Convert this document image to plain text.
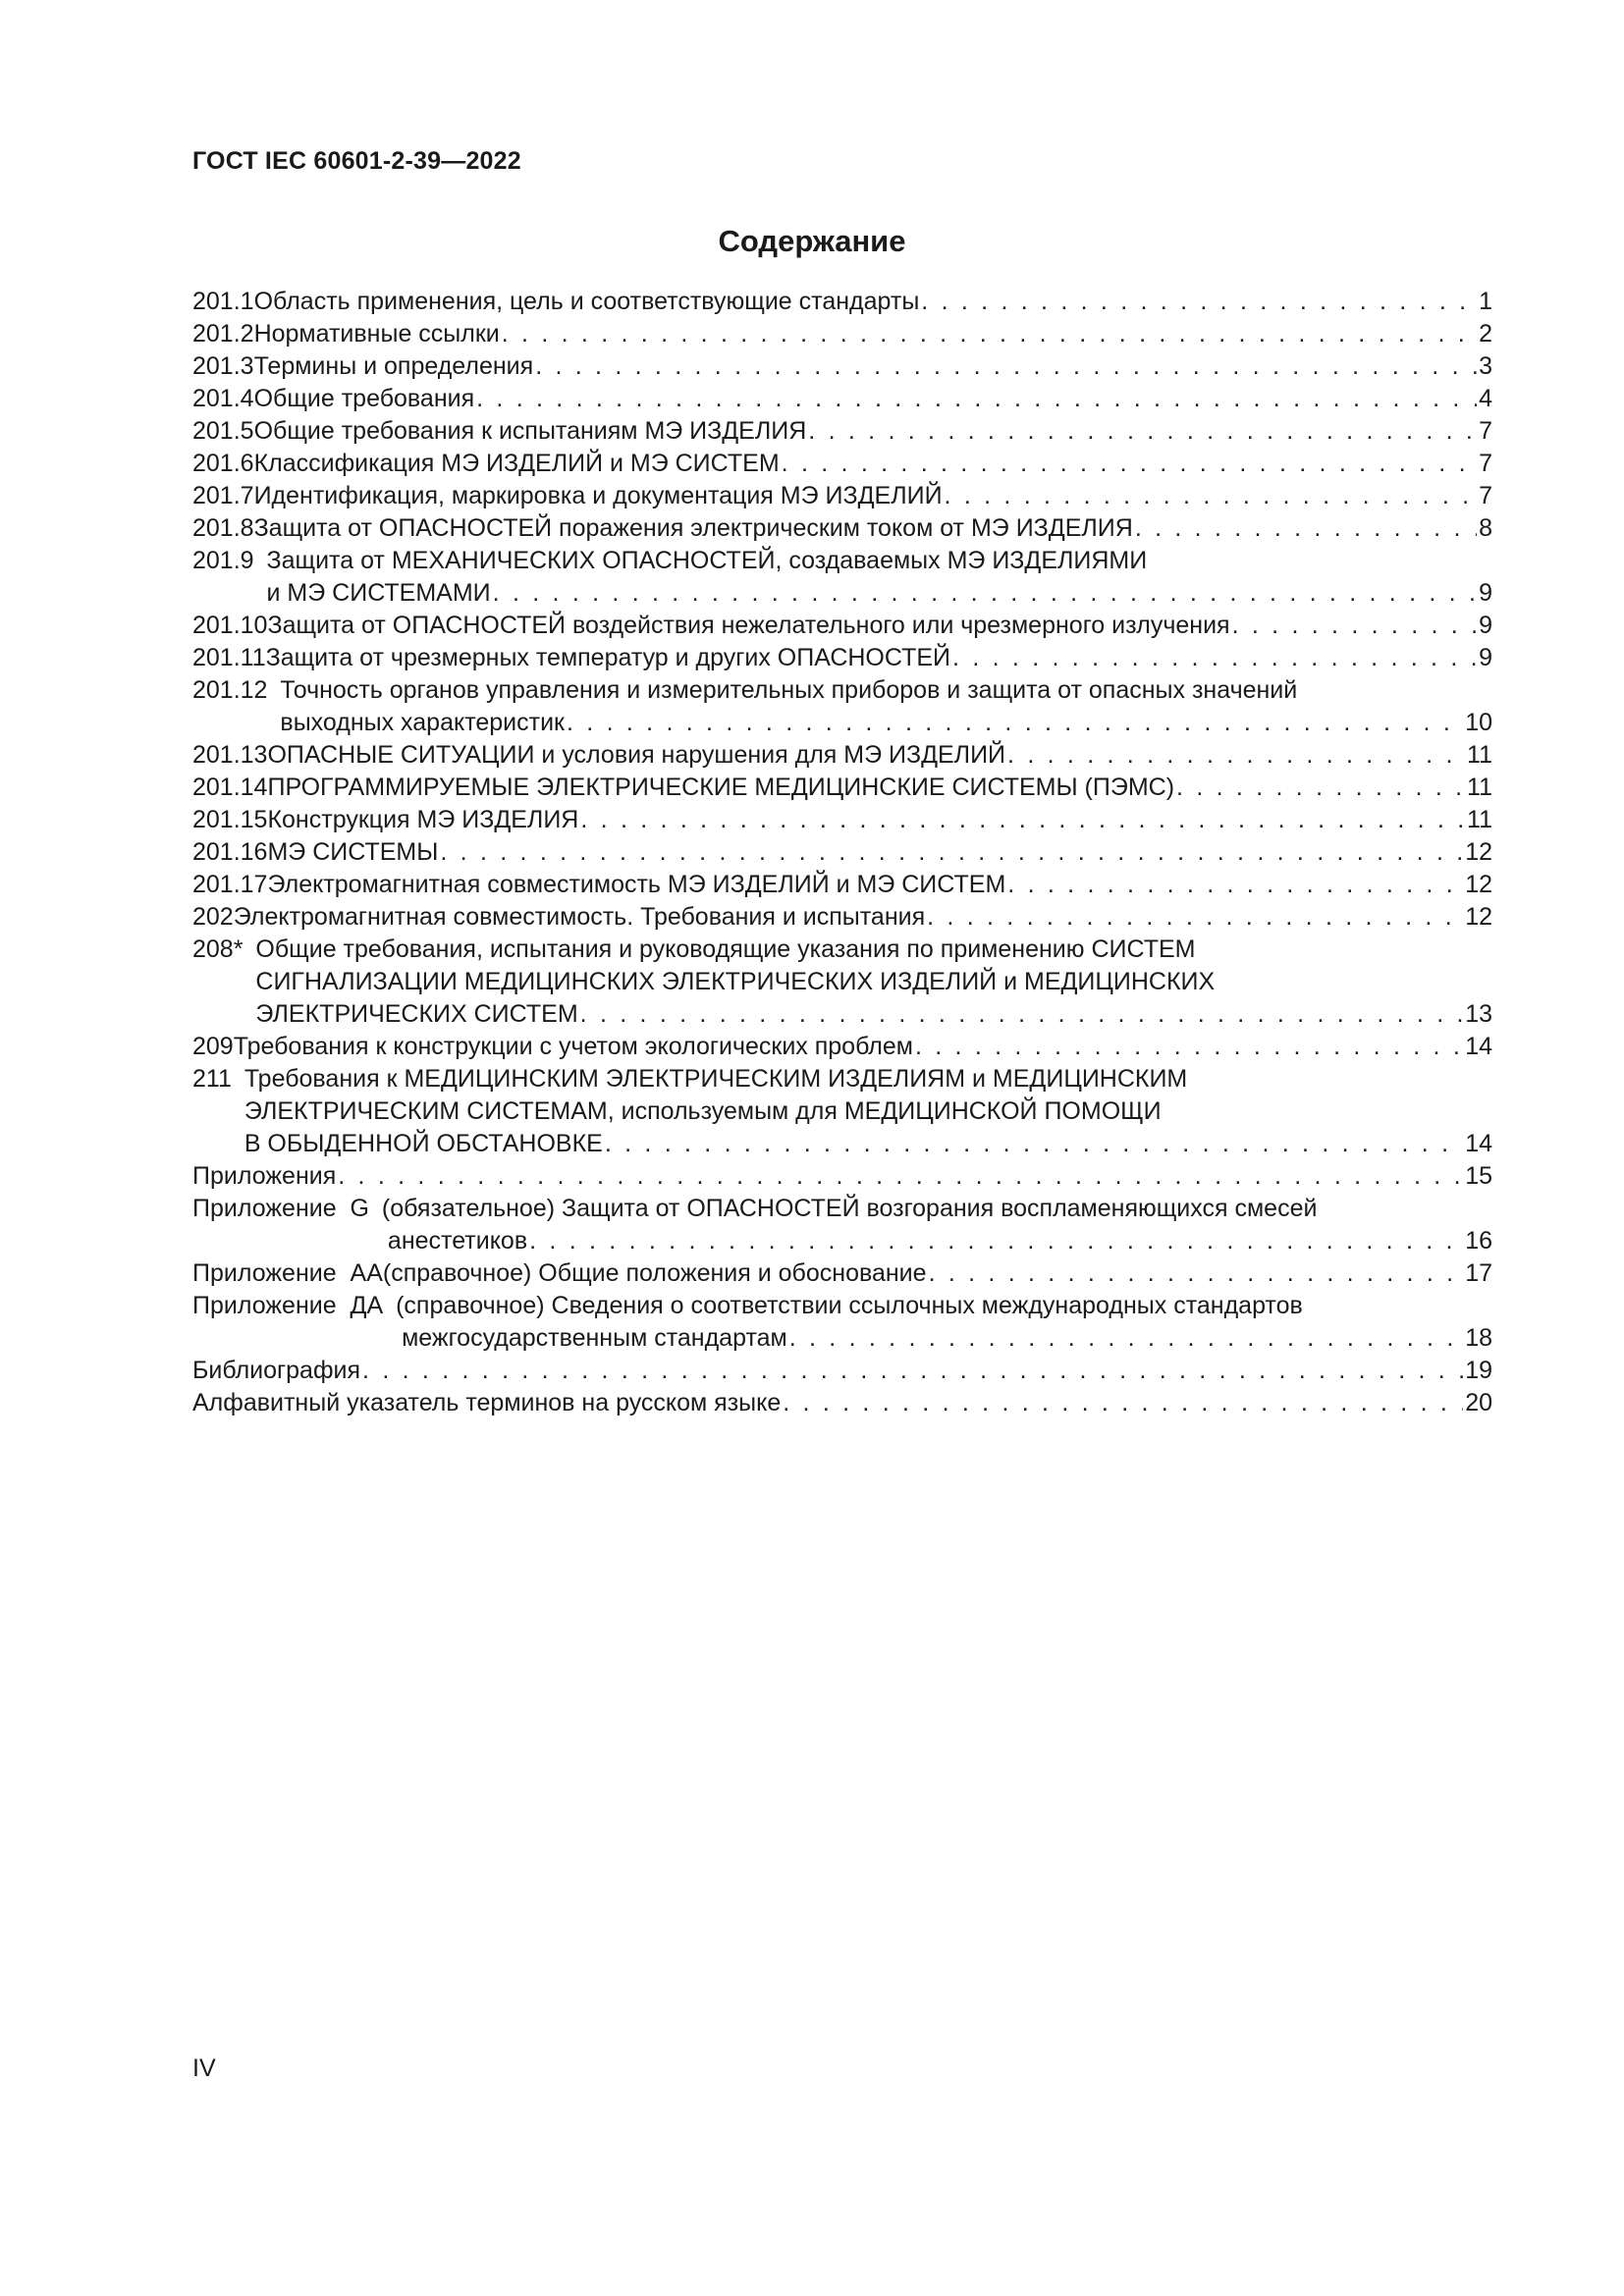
ГОСТ IEC 60601-2-39—2022
Содержание
201.1 Область применения, цель и соответствующие стандарты . . .	1
201.2 Нормативные ссылки . . .	2
201.3 Термины и определения . . .	3
201.4 Общие требования . . .	4
201.5 Общие требования к испытаниям МЭ ИЗДЕЛИЯ . . .	7
201.6 Классификация МЭ ИЗДЕЛИЙ и МЭ СИСТЕМ . . .	7
201.7 Идентификация, маркировка и документация МЭ ИЗДЕЛИЙ . . .	7
201.8 Защита от ОПАСНОСТЕЙ поражения электрическим током от МЭ ИЗДЕЛИЯ . . .	8
201.9 Защита от МЕХАНИЧЕСКИХ ОПАСНОСТЕЙ, создаваемых МЭ ИЗДЕЛИЯМИ
и МЭ СИСТЕМАМИ . . .	9
201.10 Защита от ОПАСНОСТЕЙ воздействия нежелательного или чрезмерного излучения . . .	9
201.11 Защита от чрезмерных температур и других ОПАСНОСТЕЙ . . .	9
201.12 Точность органов управления и измерительных приборов и защита от опасных значений
выходных характеристик . . .	10
201.13 ОПАСНЫЕ СИТУАЦИИ и условия нарушения для МЭ ИЗДЕЛИЙ . . .	11
201.14 ПРОГРАММИРУЕМЫЕ ЭЛЕКТРИЧЕСКИЕ МЕДИЦИНСКИЕ СИСТЕМЫ (ПЭМС) . . .	11
201.15 Конструкция МЭ ИЗДЕЛИЯ . . .	11
201.16 МЭ СИСТЕМЫ . . .	12
201.17 Электромагнитная совместимость МЭ ИЗДЕЛИЙ и МЭ СИСТЕМ . . .	12
202 Электромагнитная совместимость. Требования и испытания . . .	12
208* Общие требования, испытания и руководящие указания по применению СИСТЕМ
СИГНАЛИЗАЦИИ МЕДИЦИНСКИХ ЭЛЕКТРИЧЕСКИХ ИЗДЕЛИЙ и МЕДИЦИНСКИХ
ЭЛЕКТРИЧЕСКИХ СИСТЕМ . . .	13
209 Требования к конструкции с учетом экологических проблем . . .	14
211 Требования к МЕДИЦИНСКИМ ЭЛЕКТРИЧЕСКИМ ИЗДЕЛИЯМ и МЕДИЦИНСКИМ
ЭЛЕКТРИЧЕСКИМ СИСТЕМАМ, используемым для МЕДИЦИНСКОЙ ПОМОЩИ
В ОБЫДЕННОЙ ОБСТАНОВКЕ . . .	14
Приложения . . .	15
Приложение  G (обязательное) Защита от ОПАСНОСТЕЙ возгорания воспламеняющихся смесей
анестетиков . . .	16
Приложение  АА (справочное) Общие положения и обоснование . . .	17
Приложение  ДА (справочное) Сведения о соответствии ссылочных международных стандартов
межгосударственным стандартам . . .	18
Библиография . . .	19
Алфавитный указатель терминов на русском языке . . .	20
IV
